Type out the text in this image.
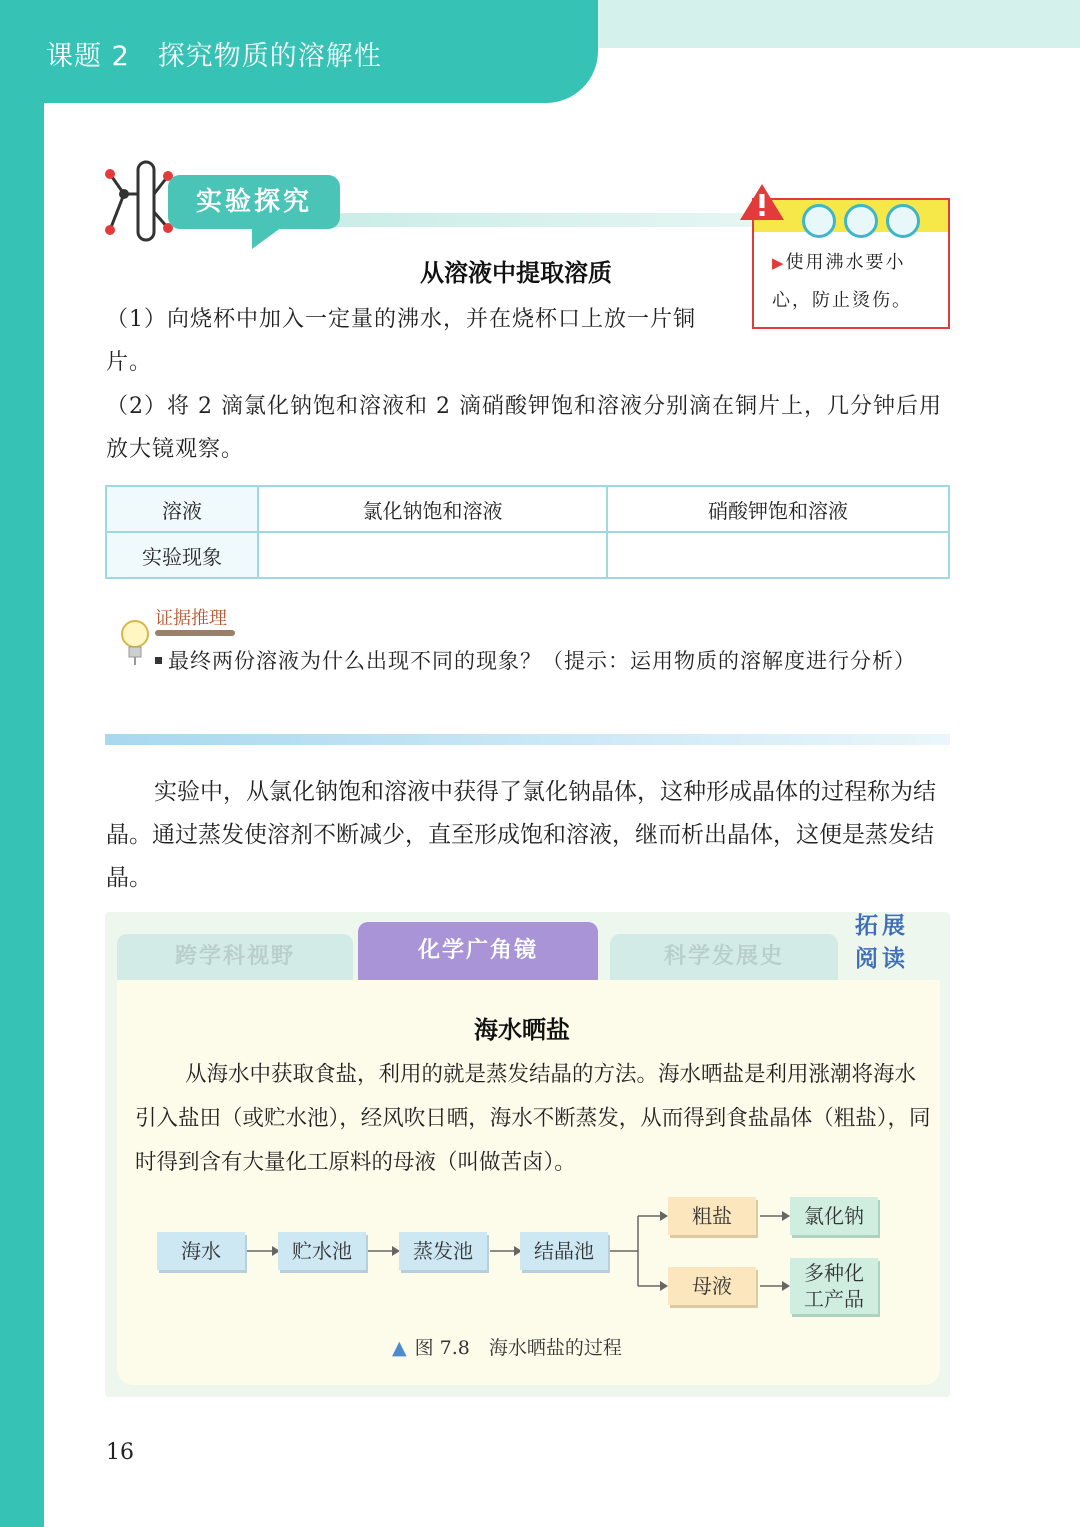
课题 2　探究物质的溶解性
实验探究
从溶液中提取溶质
（1）向烧杯中加入一定量的沸水，并在烧杯口上放一片铜片。
（2）将 2 滴氯化钠饱和溶液和 2 滴硝酸钾饱和溶液分别滴在铜片上，几分钟后用放大镜观察。
▶使用沸水要小心，防止烫伤。
溶液	氯化钠饱和溶液	硝酸钾饱和溶液
实验现象		
证据推理
最终两份溶液为什么出现不同的现象？（提示：运用物质的溶解度进行分析）
实验中，从氯化钠饱和溶液中获得了氯化钠晶体，这种形成晶体的过程称为结晶。通过蒸发使溶剂不断减少，直至形成饱和溶液，继而析出晶体，这便是蒸发结晶。
跨学科视野	化学广角镜	科学发展史
拓展阅读
海水晒盐
从海水中获取食盐，利用的就是蒸发结晶的方法。海水晒盐是利用涨潮将海水引入盐田（或贮水池），经风吹日晒，海水不断蒸发，从而得到食盐晶体（粗盐），同时得到含有大量化工原料的母液（叫做苦卤）。
海水	贮水池	蒸发池	结晶池
粗盐
母液
氯化钠
多种化工产品
▲ 图 7.8　海水晒盐的过程
16
